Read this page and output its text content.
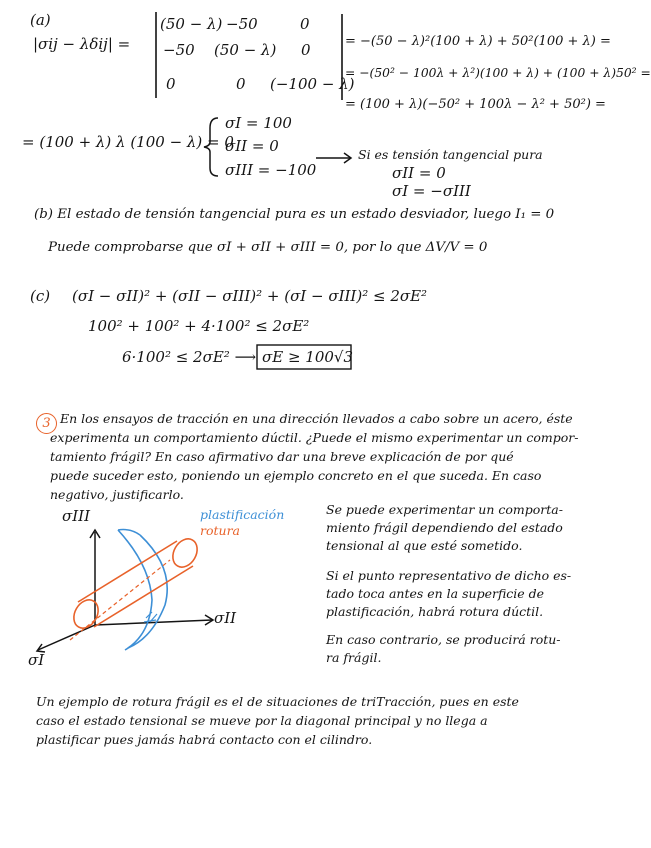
(a)
|σij − λδij| =
(50 − λ) −50	0
−50 (50 − λ) 0
0	0 (−100 − λ)
= −(50 − λ)²(100 + λ) + 50²(100 + λ) =
= −(50² − 100λ + λ²)(100 + λ) + (100 + λ)50² =
= (100 + λ)(−50² + 100λ − λ² + 50²) =
= (100 + λ) λ (100 − λ) = 0
σI = 100
σII = 0
σIII = −100
Si es tensión tangencial pura
σII = 0
σI = −σIII
(b) El estado de tensión tangencial pura es un estado desviador, luego I₁ = 0
Puede comprobarse que σI + σII + σIII = 0, por lo que ΔV/V = 0
(c) (σI − σII)² + (σII − σIII)² + (σI − σIII)² ≤ 2σE²
100² + 100² + 4·100² ≤ 2σE²
6·100² ≤ 2σE² ⟶ σE ≥ 100√3
3 En los ensayos de tracción en una dirección llevados a cabo sobre un acero, éste
experimenta un comportamiento dúctil. ¿Puede el mismo experimentar un compor-
tamiento frágil? En caso afirmativo dar una breve explicación de por qué
puede suceder esto, poniendo un ejemplo concreto en el que suceda. En caso
negativo, justificarlo.
plastificación
rotura
σIII
σII
σI
Se puede experimentar un comporta-
miento frágil dependiendo del estado
tensional al que esté sometido.
Si el punto representativo de dicho es-
tado toca antes en la superficie de
plastificación, habrá rotura dúctil.
En caso contrario, se producirá rotu-
ra frágil.
Un ejemplo de rotura frágil es el de situaciones de triTracción, pues en este
caso el estado tensional se mueve por la diagonal principal y no llega a
plastificar pues jamás habrá contacto con el cilindro.
